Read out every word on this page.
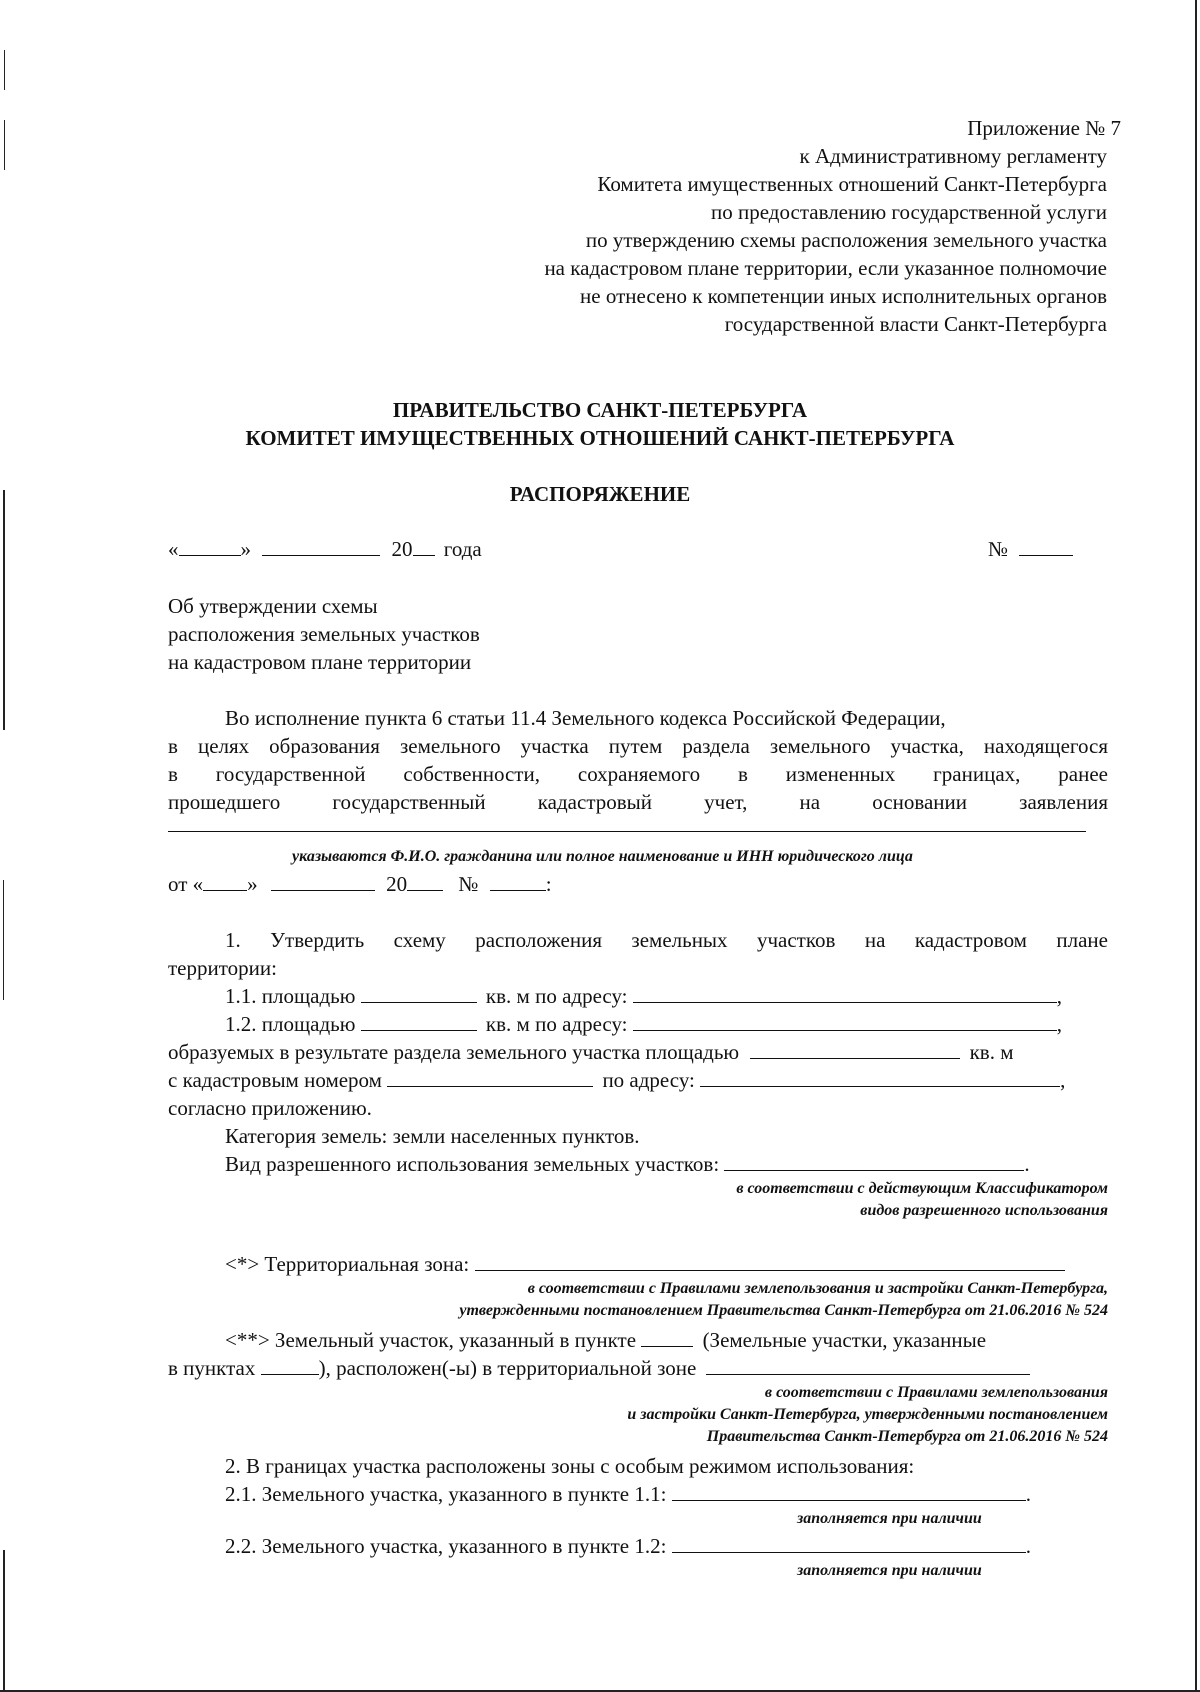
Приложение № 7
к Административному регламенту
Комитета имущественных отношений Санкт-Петербурга
по предоставлению государственной услуги
по утверждению схемы расположения земельного участка
на кадастровом плане территории, если указанное полномочие
не отнесено к компетенции иных исполнительных органов
государственной власти Санкт-Петербурга
ПРАВИТЕЛЬСТВО САНКТ-ПЕТЕРБУРГА
КОМИТЕТ ИМУЩЕСТВЕННЫХ ОТНОШЕНИЙ САНКТ-ПЕТЕРБУРГА
РАСПОРЯЖЕНИЕ
«	»	20 года	№
Об утверждении схемы
расположения земельных участков
на кадастровом плане территории
Во исполнение пункта 6 статьи 11.4 Земельного кодекса Российской Федерации,
в целях образования земельного участка путем раздела земельного участка, находящегося
в государственной собственности, сохраняемого в измененных границах, ранее
прошедшего государственный кадастровый учет, на основании заявления
указываются Ф.И.О. гражданина или полное наименование и ИНН юридического лица
от « »	20 №	:
1. Утвердить схему расположения земельных участков на кадастровом плане
территории:
1.1. площадью	кв. м по адресу:	,
1.2. площадью	кв. м по адресу:	,
образуемых в результате раздела земельного участка площадью	кв. м
с кадастровым номером	по адресу:	,
согласно приложению.
Категория земель: земли населенных пунктов.
Вид разрешенного использования земельных участков:	.
в соответствии с действующим Классификатором
видов разрешенного использования
<*> Территориальная зона:
в соответствии с Правилами землепользования и застройки Санкт-Петербурга,
утвержденными постановлением Правительства Санкт-Петербурга от 21.06.2016 № 524
<**> Земельный участок, указанный в пункте	(Земельные участки, указанные
в пунктах	), расположен(-ы) в территориальной зоне
в соответствии с Правилами землепользования
и застройки Санкт-Петербурга, утвержденными постановлением
Правительства Санкт-Петербурга от 21.06.2016 № 524
2. В границах участка расположены зоны с особым режимом использования:
2.1. Земельного участка, указанного в пункте 1.1:	.
заполняется при наличии
2.2. Земельного участка, указанного в пункте 1.2:	.
заполняется при наличии
